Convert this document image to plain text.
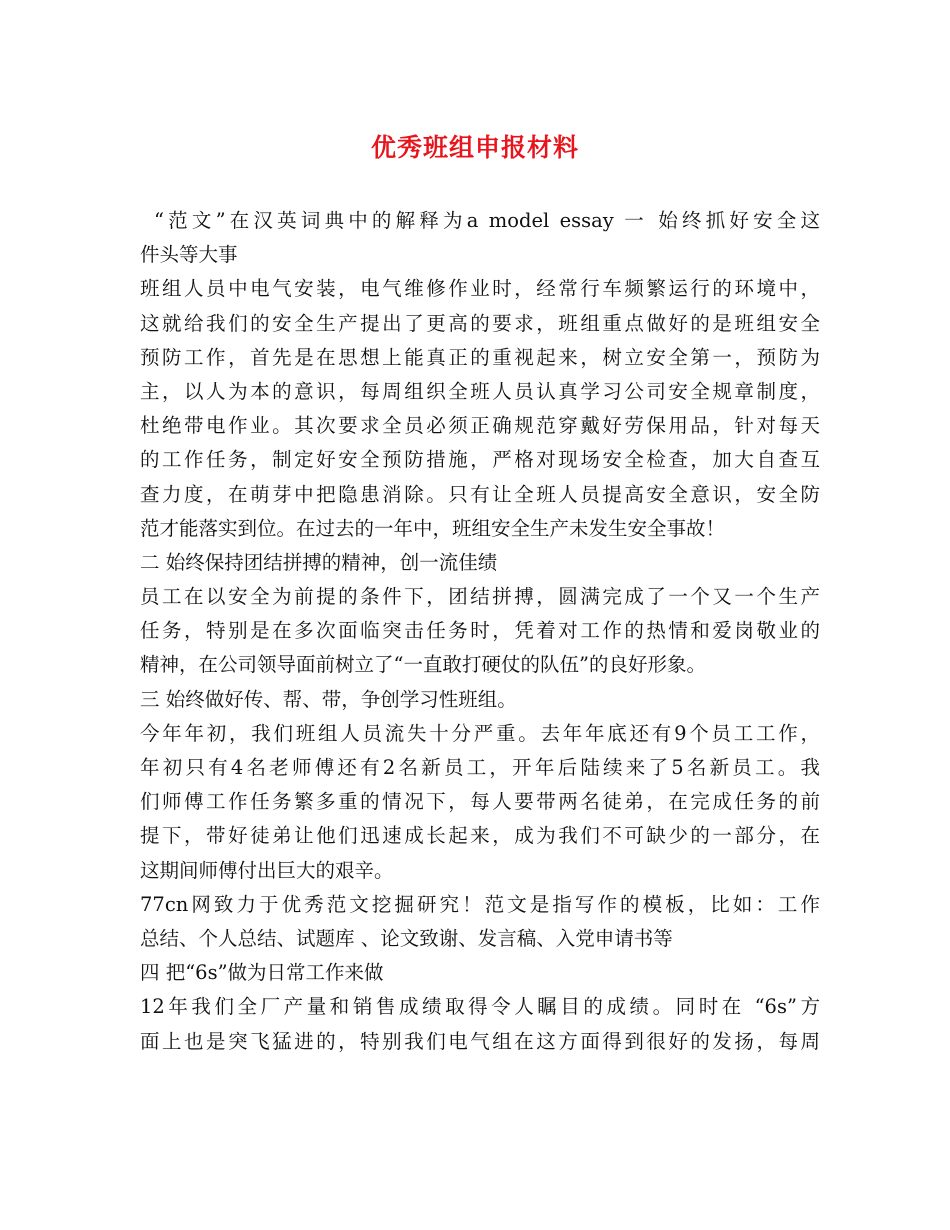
优秀班组申报材料
“范文”在汉英词典中的解释为a model essay 一 始终抓好安全这
件头等大事
班组人员中电气安装，电气维修作业时，经常行车频繁运行的环境中，
这就给我们的安全生产提出了更高的要求，班组重点做好的是班组安全
预防工作，首先是在思想上能真正的重视起来，树立安全第一，预防为
主，以人为本的意识，每周组织全班人员认真学习公司安全规章制度，
杜绝带电作业。其次要求全员必须正确规范穿戴好劳保用品，针对每天
的工作任务，制定好安全预防措施，严格对现场安全检查，加大自查互
查力度，在萌芽中把隐患消除。只有让全班人员提高安全意识，安全防
范才能落实到位。在过去的一年中，班组安全生产未发生安全事故！
二 始终保持团结拼搏的精神，创一流佳绩
员工在以安全为前提的条件下，团结拼搏，圆满完成了一个又一个生产
任务，特别是在多次面临突击任务时，凭着对工作的热情和爱岗敬业的
精神，在公司领导面前树立了“一直敢打硬仗的队伍”的良好形象。
三 始终做好传、帮、带，争创学习性班组。
今年年初，我们班组人员流失十分严重。去年年底还有9个员工工作，
年初只有4名老师傅还有2名新员工，开年后陆续来了5名新员工。我
们师傅工作任务繁多重的情况下，每人要带两名徒弟，在完成任务的前
提下，带好徒弟让他们迅速成长起来，成为我们不可缺少的一部分，在
这期间师傅付出巨大的艰辛。
77cn网致力于优秀范文挖掘研究！范文是指写作的模板，比如：工作
总结、个人总结、试题库 、论文致谢、发言稿、入党申请书等
四 把“6s”做为日常工作来做
12年我们全厂产量和销售成绩取得令人瞩目的成绩。同时在 “6s”方
面上也是突飞猛进的，特别我们电气组在这方面得到很好的发扬，每周
